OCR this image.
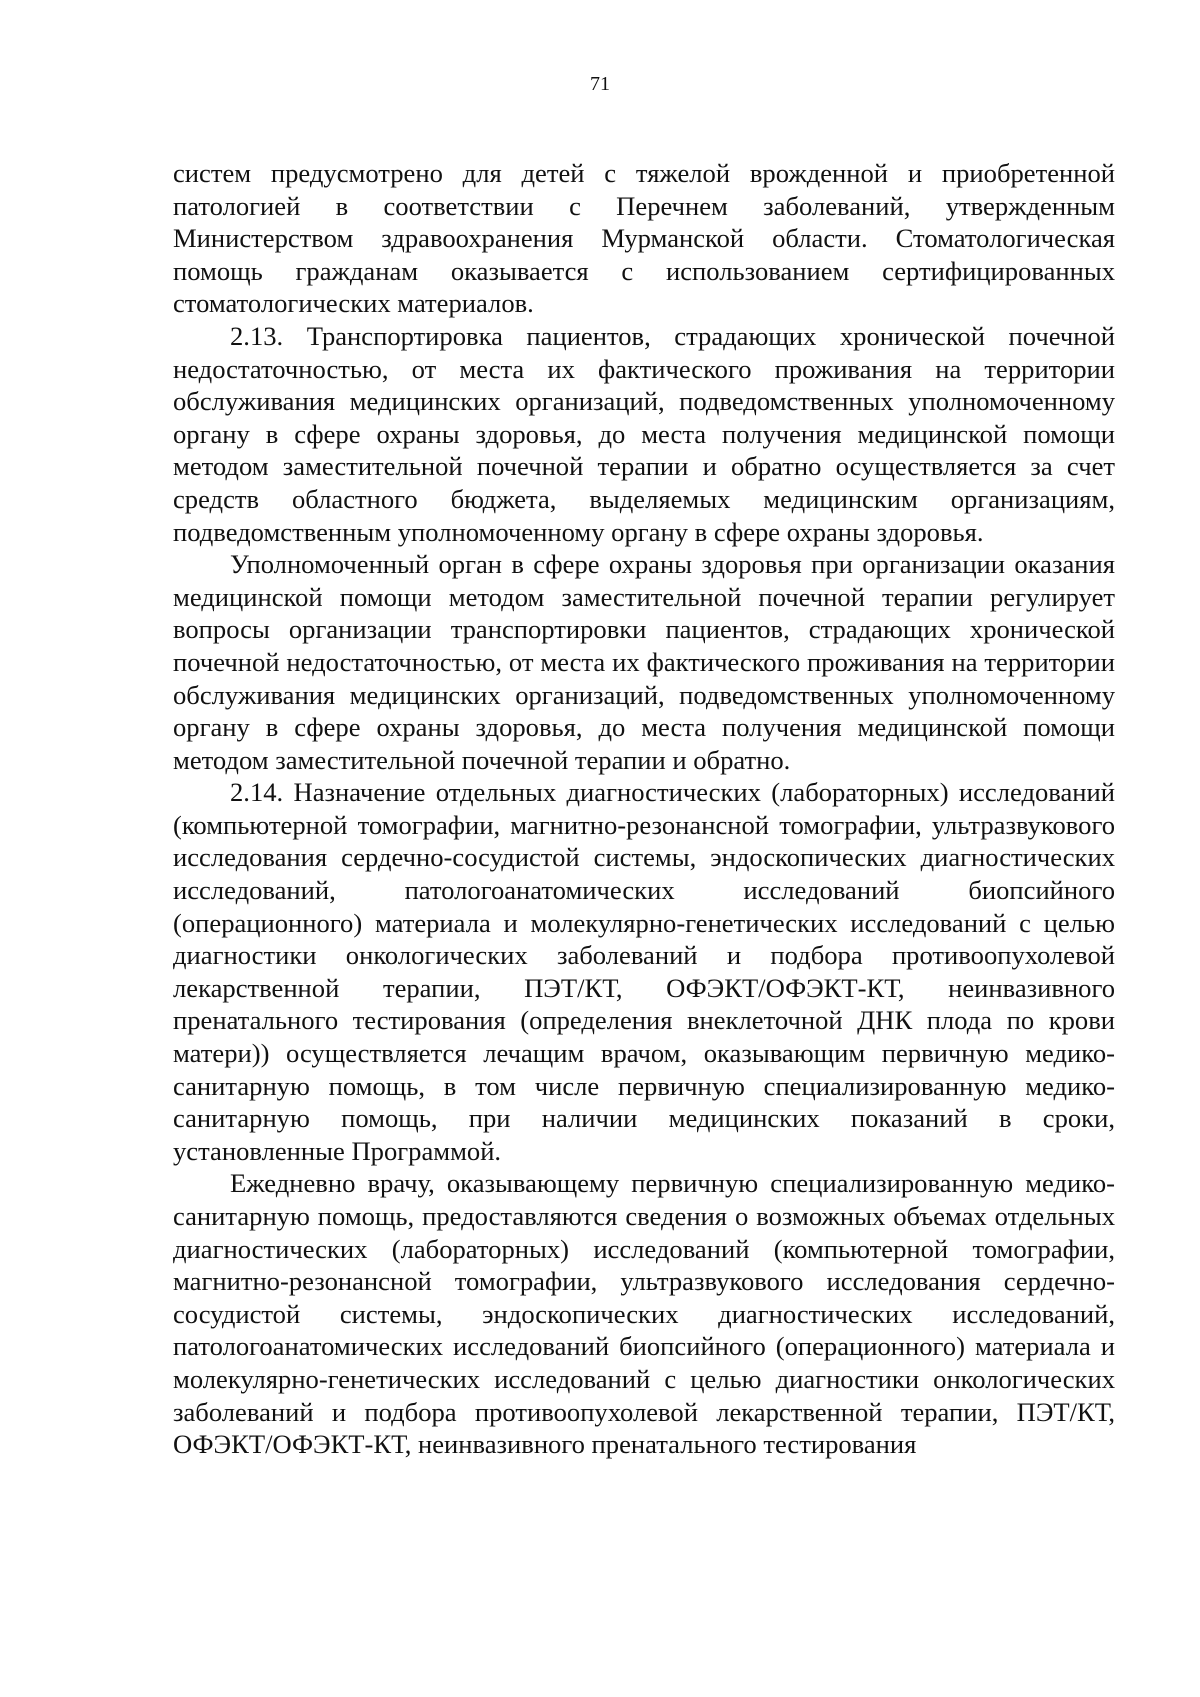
71

систем предусмотрено для детей с тяжелой врожденной и приобретенной патологией в соответствии с Перечнем заболеваний, утвержденным Министерством здравоохранения Мурманской области. Стоматологическая помощь гражданам оказывается с использованием сертифицированных стоматологических материалов.

2.13. Транспортировка пациентов, страдающих хронической почечной недостаточностью, от места их фактического проживания на территории обслуживания медицинских организаций, подведомственных уполномоченному органу в сфере охраны здоровья, до места получения медицинской помощи методом заместительной почечной терапии и обратно осуществляется за счет средств областного бюджета, выделяемых медицинским организациям, подведомственным уполномоченному органу в сфере охраны здоровья.

Уполномоченный орган в сфере охраны здоровья при организации оказания медицинской помощи методом заместительной почечной терапии регулирует вопросы организации транспортировки пациентов, страдающих хронической почечной недостаточностью, от места их фактического проживания на территории обслуживания медицинских организаций, подведомственных уполномоченному органу в сфере охраны здоровья, до места получения медицинской помощи методом заместительной почечной терапии и обратно.

2.14. Назначение отдельных диагностических (лабораторных) исследований (компьютерной томографии, магнитно-резонансной томографии, ультразвукового исследования сердечно-сосудистой системы, эндоскопических диагностических исследований, патологоанатомических исследований биопсийного (операционного) материала и молекулярно-генетических исследований с целью диагностики онкологических заболеваний и подбора противоопухолевой лекарственной терапии, ПЭТ/КТ, ОФЭКТ/ОФЭКТ-КТ, неинвазивного пренатального тестирования (определения внеклеточной ДНК плода по крови матери)) осуществляется лечащим врачом, оказывающим первичную медико-санитарную помощь, в том числе первичную специализированную медико-санитарную помощь, при наличии медицинских показаний в сроки, установленные Программой.

Ежедневно врачу, оказывающему первичную специализированную медико-санитарную помощь, предоставляются сведения о возможных объемах отдельных диагностических (лабораторных) исследований (компьютерной томографии, магнитно-резонансной томографии, ультразвукового исследования сердечно-сосудистой системы, эндоскопических диагностических исследований, патологоанатомических исследований биопсийного (операционного) материала и молекулярно-генетических исследований с целью диагностики онкологических заболеваний и подбора противоопухолевой лекарственной терапии, ПЭТ/КТ, ОФЭКТ/ОФЭКТ-КТ, неинвазивного пренатального тестирования
